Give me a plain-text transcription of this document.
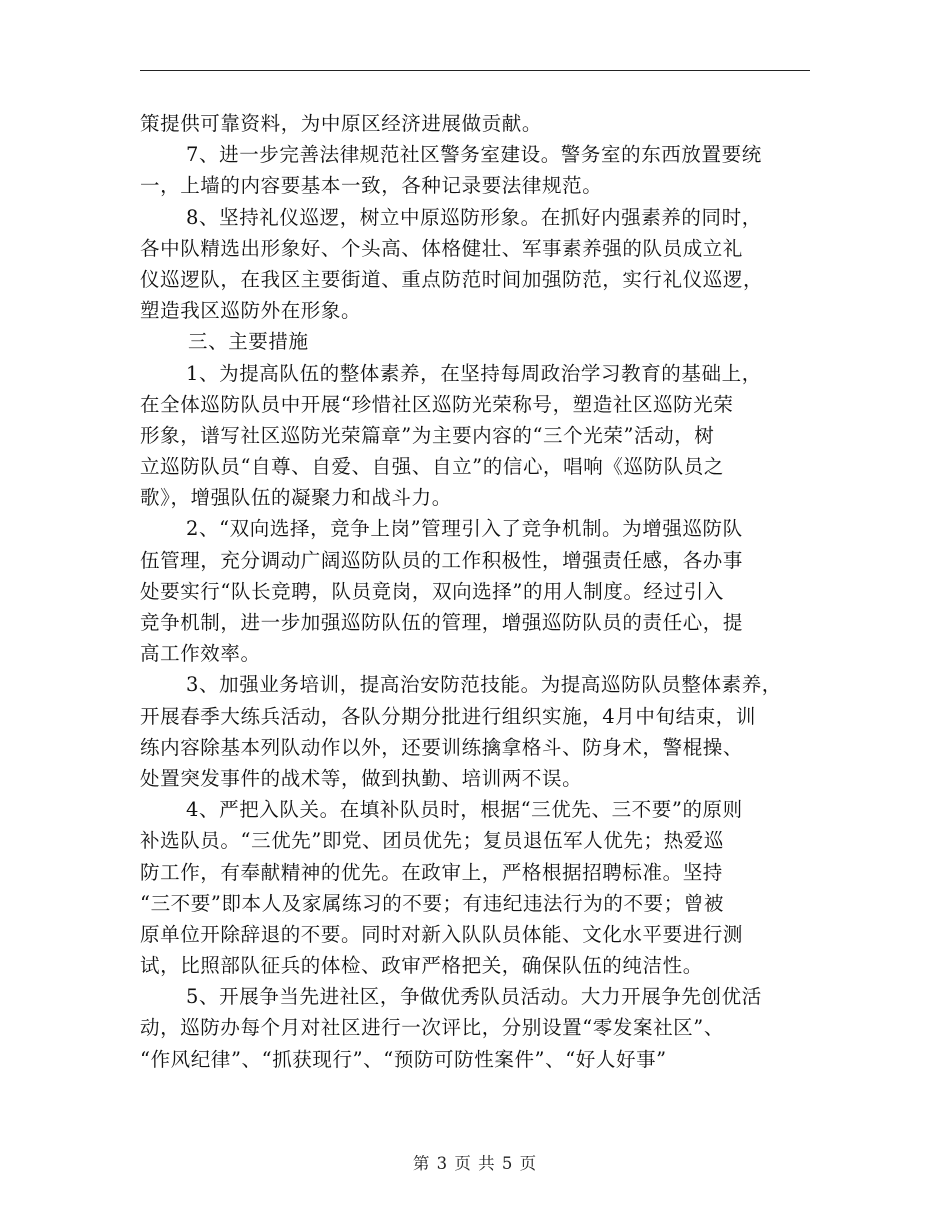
策提供可靠资料，为中原区经济进展做贡献。
7、进一步完善法律规范社区警务室建设。警务室的东西放置要统
一，上墙的内容要基本一致，各种记录要法律规范。
8、坚持礼仪巡逻，树立中原巡防形象。在抓好内强素养的同时，
各中队精选出形象好、个头高、体格健壮、军事素养强的队员成立礼
仪巡逻队，在我区主要街道、重点防范时间加强防范，实行礼仪巡逻，
塑造我区巡防外在形象。
三、主要措施
1、为提高队伍的整体素养，在坚持每周政治学习教育的基础上，
在全体巡防队员中开展“珍惜社区巡防光荣称号，塑造社区巡防光荣
形象，谱写社区巡防光荣篇章”为主要内容的“三个光荣”活动，树
立巡防队员“自尊、自爱、自强、自立”的信心，唱响《巡防队员之
歌》，增强队伍的凝聚力和战斗力。
2、“双向选择，竞争上岗”管理引入了竞争机制。为增强巡防队
伍管理，充分调动广阔巡防队员的工作积极性，增强责任感，各办事
处要实行“队长竞聘，队员竟岗，双向选择”的用人制度。经过引入
竞争机制，进一步加强巡防队伍的管理，增强巡防队员的责任心，提
高工作效率。
3、加强业务培训，提高治安防范技能。为提高巡防队员整体素养，
开展春季大练兵活动，各队分期分批进行组织实施，4月中旬结束，训
练内容除基本列队动作以外，还要训练擒拿格斗、防身术，警棍操、
处置突发事件的战术等，做到执勤、培训两不误。
4、严把入队关。在填补队员时，根据“三优先、三不要”的原则
补选队员。“三优先”即党、团员优先；复员退伍军人优先；热爱巡
防工作，有奉献精神的优先。在政审上，严格根据招聘标准。坚持
“三不要”即本人及家属练习的不要；有违纪违法行为的不要；曾被
原单位开除辞退的不要。同时对新入队队员体能、文化水平要进行测
试，比照部队征兵的体检、政审严格把关，确保队伍的纯洁性。
5、开展争当先进社区，争做优秀队员活动。大力开展争先创优活
动，巡防办每个月对社区进行一次评比，分别设置“零发案社区”、
“作风纪律”、“抓获现行”、“预防可防性案件”、“好人好事”
第 3 页 共 5 页
